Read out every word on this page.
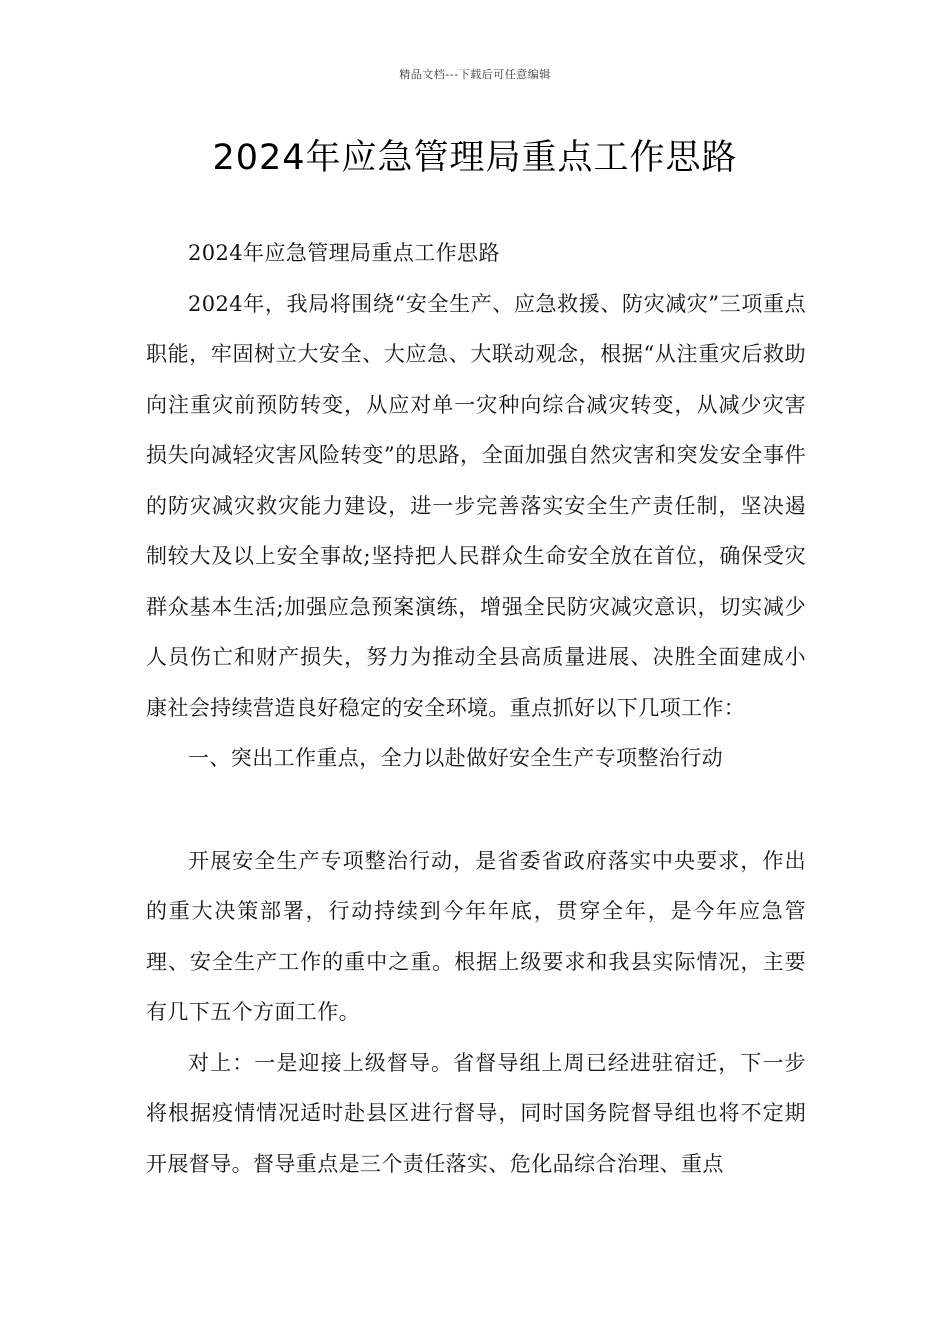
精品文档---下载后可任意编辑
2024年应急管理局重点工作思路

2024年应急管理局重点工作思路

2024年，我局将围绕“安全生产、应急救援、防灾减灾”三项重点职能，牢固树立大安全、大应急、大联动观念，根据“从注重灾后救助向注重灾前预防转变，从应对单一灾种向综合减灾转变，从减少灾害损失向减轻灾害风险转变”的思路，全面加强自然灾害和突发安全事件的防灾减灾救灾能力建设，进一步完善落实安全生产责任制，坚决遏制较大及以上安全事故;坚持把人民群众生命安全放在首位，确保受灾群众基本生活;加强应急预案演练，增强全民防灾减灾意识，切实减少人员伤亡和财产损失，努力为推动全县高质量进展、决胜全面建成小康社会持续营造良好稳定的安全环境。重点抓好以下几项工作：

一、突出工作重点，全力以赴做好安全生产专项整治行动

开展安全生产专项整治行动，是省委省政府落实中央要求，作出的重大决策部署，行动持续到今年年底，贯穿全年，是今年应急管理、安全生产工作的重中之重。根据上级要求和我县实际情况，主要有几下五个方面工作。

对上：一是迎接上级督导。省督导组上周已经进驻宿迁，下一步将根据疫情情况适时赴县区进行督导，同时国务院督导组也将不定期开展督导。督导重点是三个责任落实、危化品综合治理、重点
